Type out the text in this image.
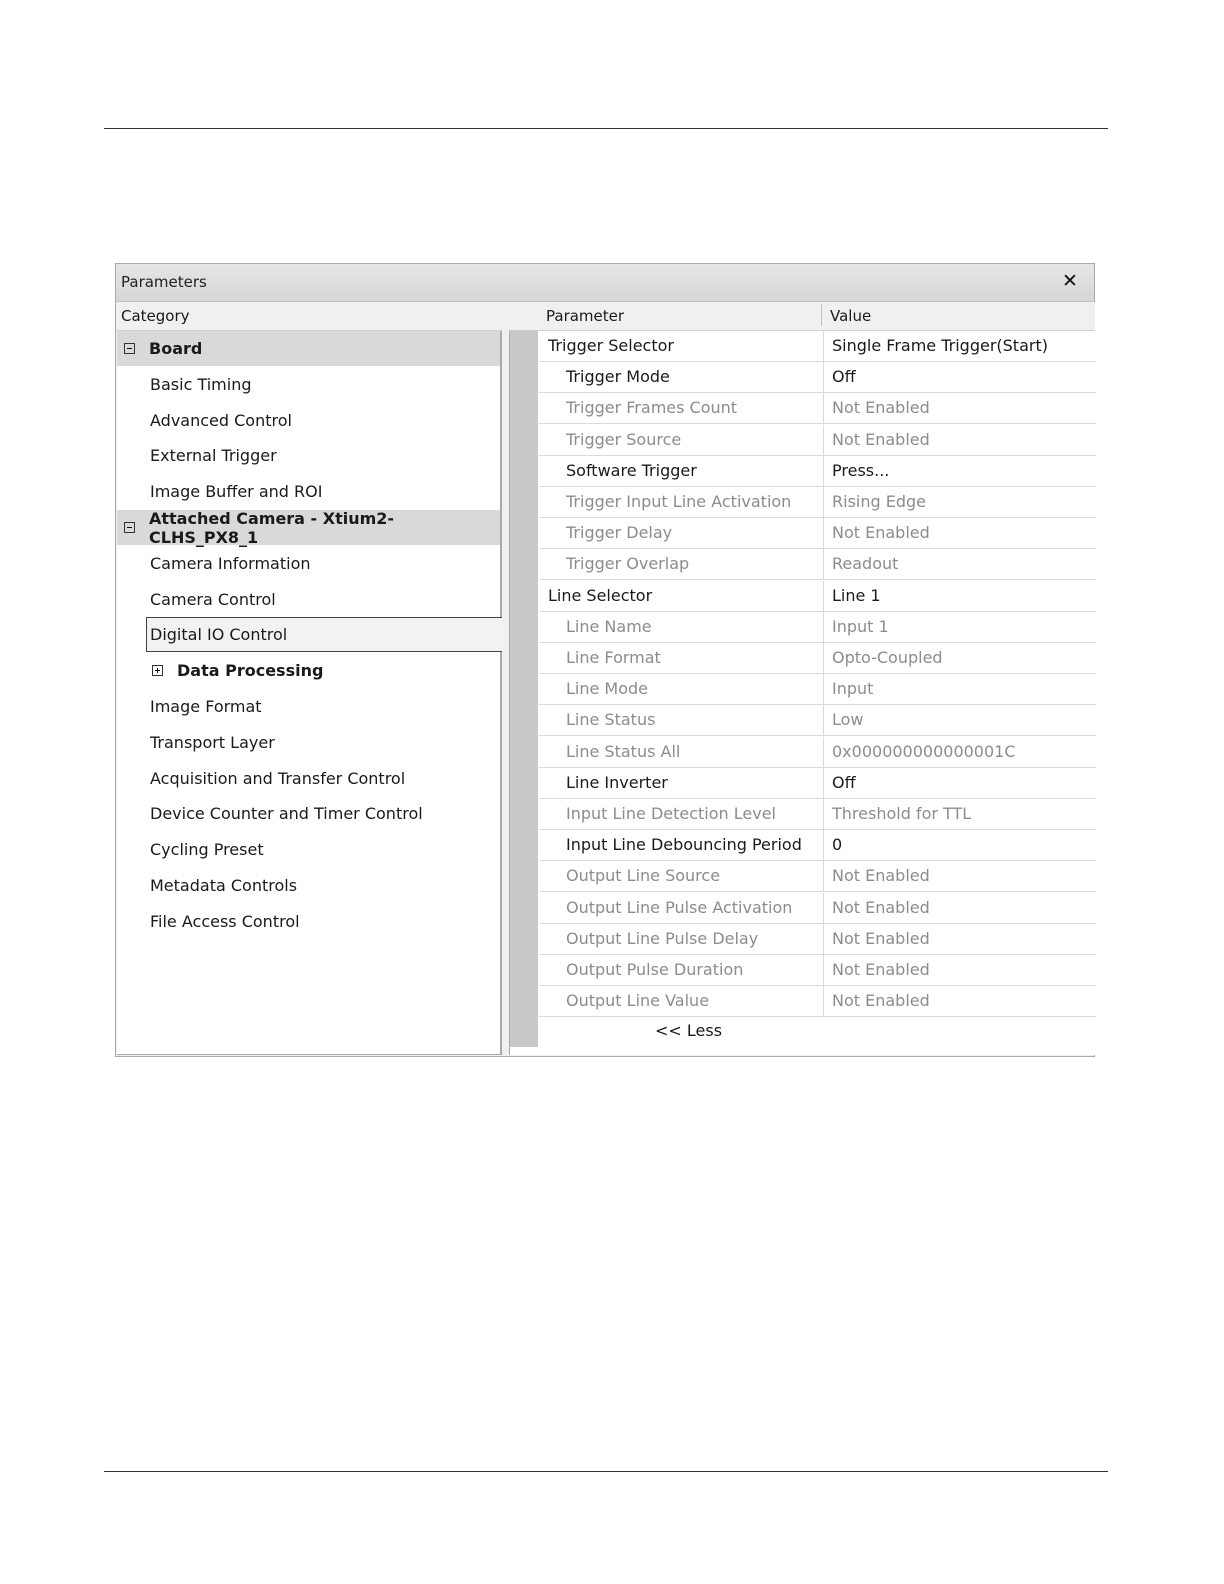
Parameters	✕
Category
Board
Basic Timing
Advanced Control
External Trigger
Image Buffer and ROI
Attached Camera - Xtium2-CLHS_PX8_1
Camera Information
Camera Control
Digital IO Control
Data Processing
Image Format
Transport Layer
Acquisition and Transfer Control
Device Counter and Timer Control
Cycling Preset
Metadata Controls
File Access Control
Parameter	Value
<< Less
Trigger Selector	Single Frame Trigger(Start)
Trigger Mode	Off
Trigger Frames Count	Not Enabled
Trigger Source	Not Enabled
Software Trigger	Press...
Trigger Input Line Activation	Rising Edge
Trigger Delay	Not Enabled
Trigger Overlap	Readout
Line Selector	Line 1
Line Name	Input 1
Line Format	Opto-Coupled
Line Mode	Input
Line Status	Low
Line Status All	0x000000000000001C
Line Inverter	Off
Input Line Detection Level	Threshold for TTL
Input Line Debouncing Period 0
Output Line Source	Not Enabled
Output Line Pulse Activation Not Enabled
Output Line Pulse Delay	Not Enabled
Output Pulse Duration	Not Enabled
Output Line Value	Not Enabled
